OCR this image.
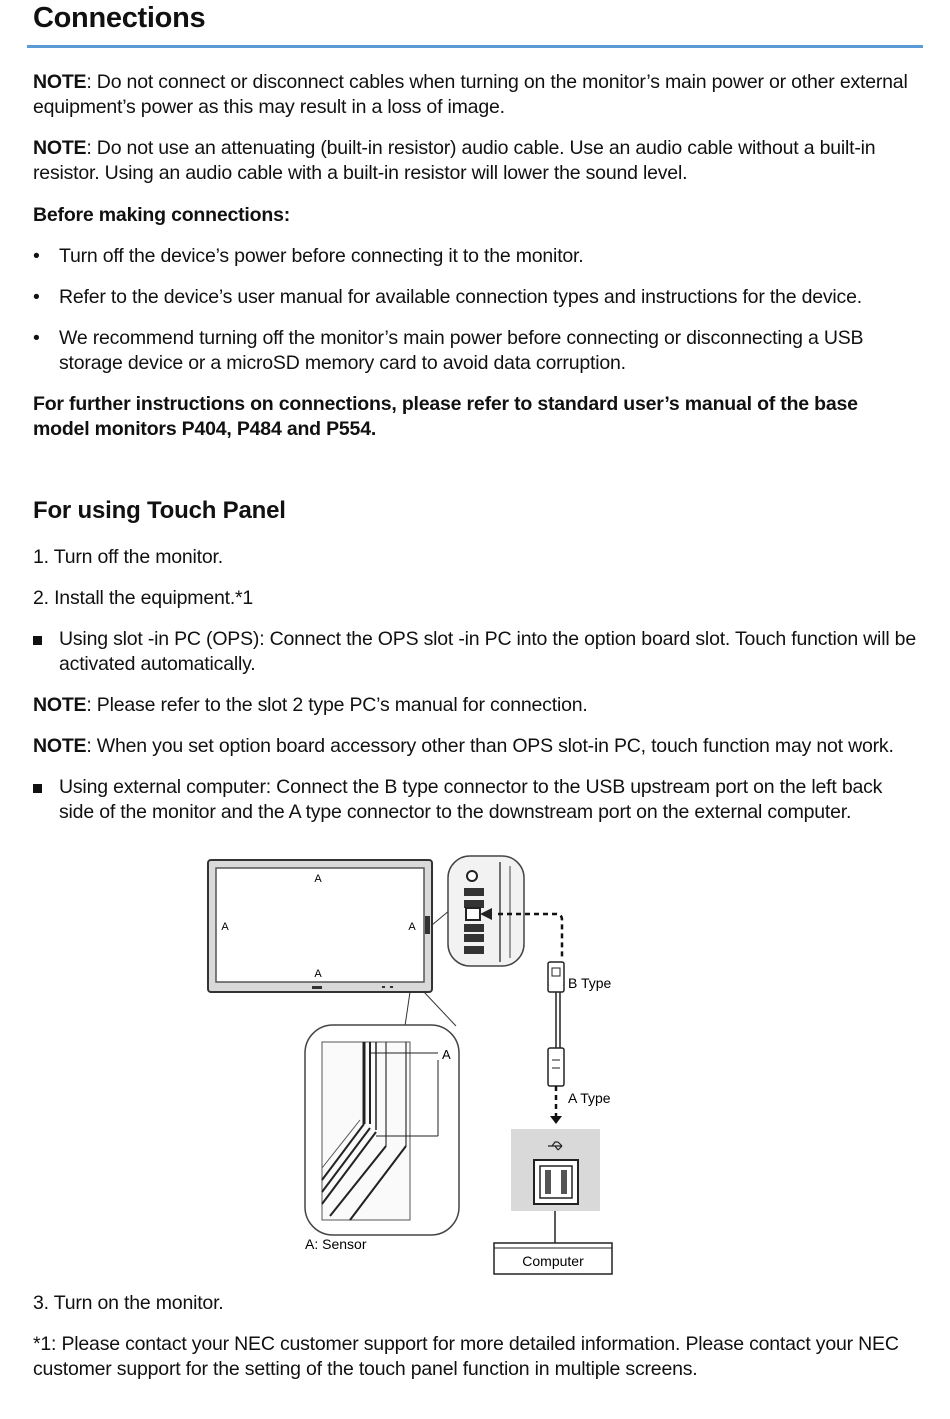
Connections
NOTE: Do not connect or disconnect cables when turning on the monitor’s main power or other external equipment’s power as this may result in a loss of image.
NOTE: Do not use an attenuating (built-in resistor) audio cable. Use an audio cable without a built-in resistor. Using an audio cable with a built-in resistor will lower the sound level.
Before making connections:
• Turn off the device’s power before connecting it to the monitor.
• Refer to the device’s user manual for available connection types and instructions for the device.
• We recommend turning off the monitor’s main power before connecting or disconnecting a USB storage device or a microSD memory card to avoid data corruption.
For further instructions on connections, please refer to standard user’s manual of the base model monitors P404, P484 and P554.
For using Touch Panel
1. Turn off the monitor.
2. Install the equipment.*1
Using slot -in PC (OPS): Connect the OPS slot -in PC into the option board slot. Touch function will be activated automatically.
NOTE: Please refer to the slot 2 type PC’s manual for connection.
NOTE: When you set option board accessory other than OPS slot-in PC, touch function may not work.
Using external computer: Connect the B type connector to the USB upstream port on the left back side of the monitor and the A type connector to the downstream port on the external computer.
A
A	A
A
B Type
A Type
Computer
A
A: Sensor
3. Turn on the monitor.
*1: Please contact your NEC customer support for more detailed information. Please contact your NEC customer support for the setting of the touch panel function in multiple screens.
